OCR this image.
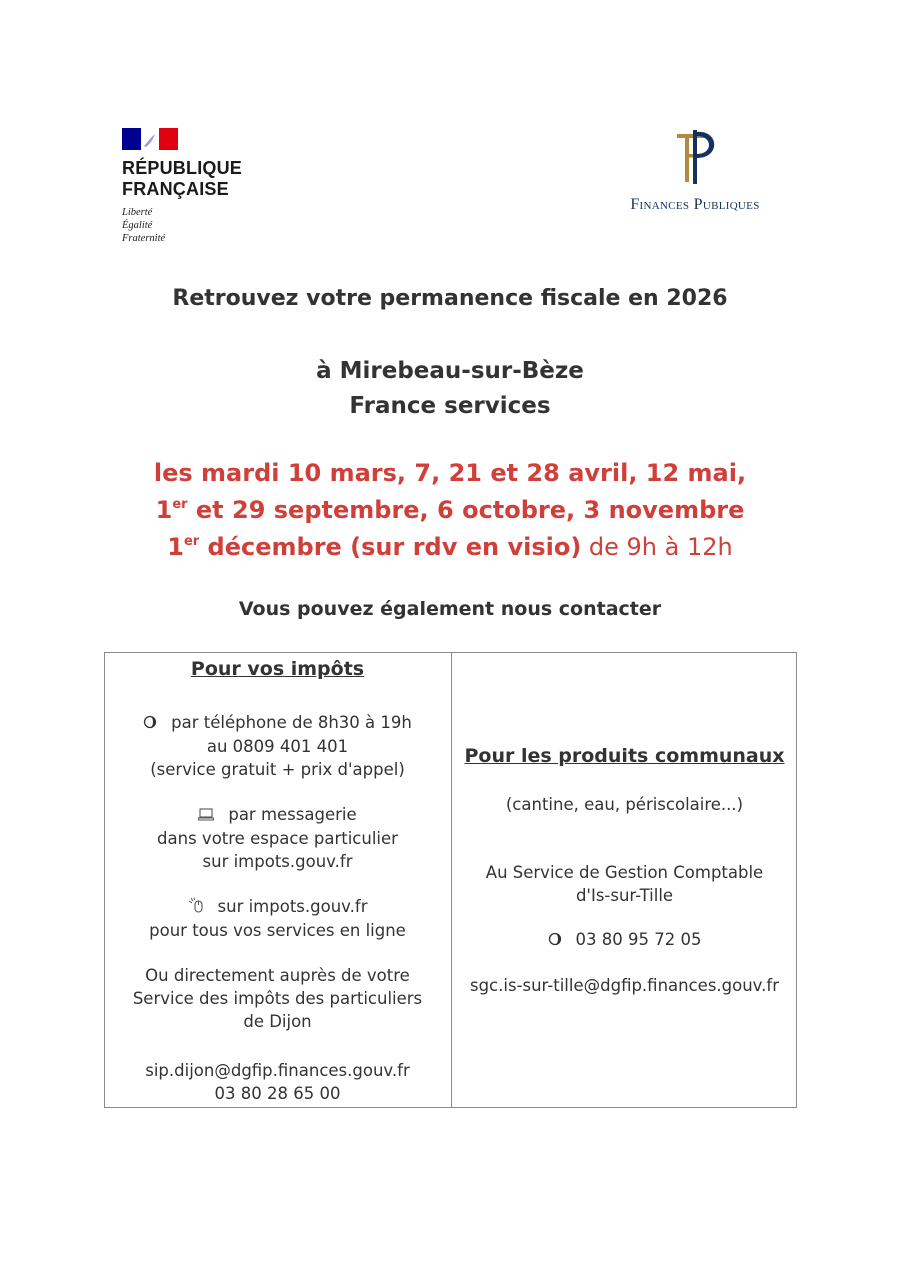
RÉPUBLIQUE
FRANÇAISE
Liberté
Égalité
Fraternité
Finances Publiques
Retrouvez votre permanence fiscale en 2026
à Mirebeau-sur-Bèze
France services
les mardi 10 mars, 7, 21 et 28 avril, 12 mai,
1er et 29 septembre, 6 octobre, 3 novembre
1er décembre (sur rdv en visio) de 9h à 12h
Vous pouvez également nous contacter
Pour vos impôts
par téléphone de 8h30 à 19h
au 0809 401 401
(service gratuit + prix d'appel)
par messagerie
dans votre espace particulier
sur impots.gouv.fr
sur impots.gouv.fr
pour tous vos services en ligne
Ou directement auprès de votre
Service des impôts des particuliers
de Dijon
sip.dijon@dgfip.finances.gouv.fr
03 80 28 65 00
Pour les produits communaux
(cantine, eau, périscolaire...)
Au Service de Gestion Comptable
d'Is-sur-Tille
03 80 95 72 05
sgc.is-sur-tille@dgfip.finances.gouv.fr
